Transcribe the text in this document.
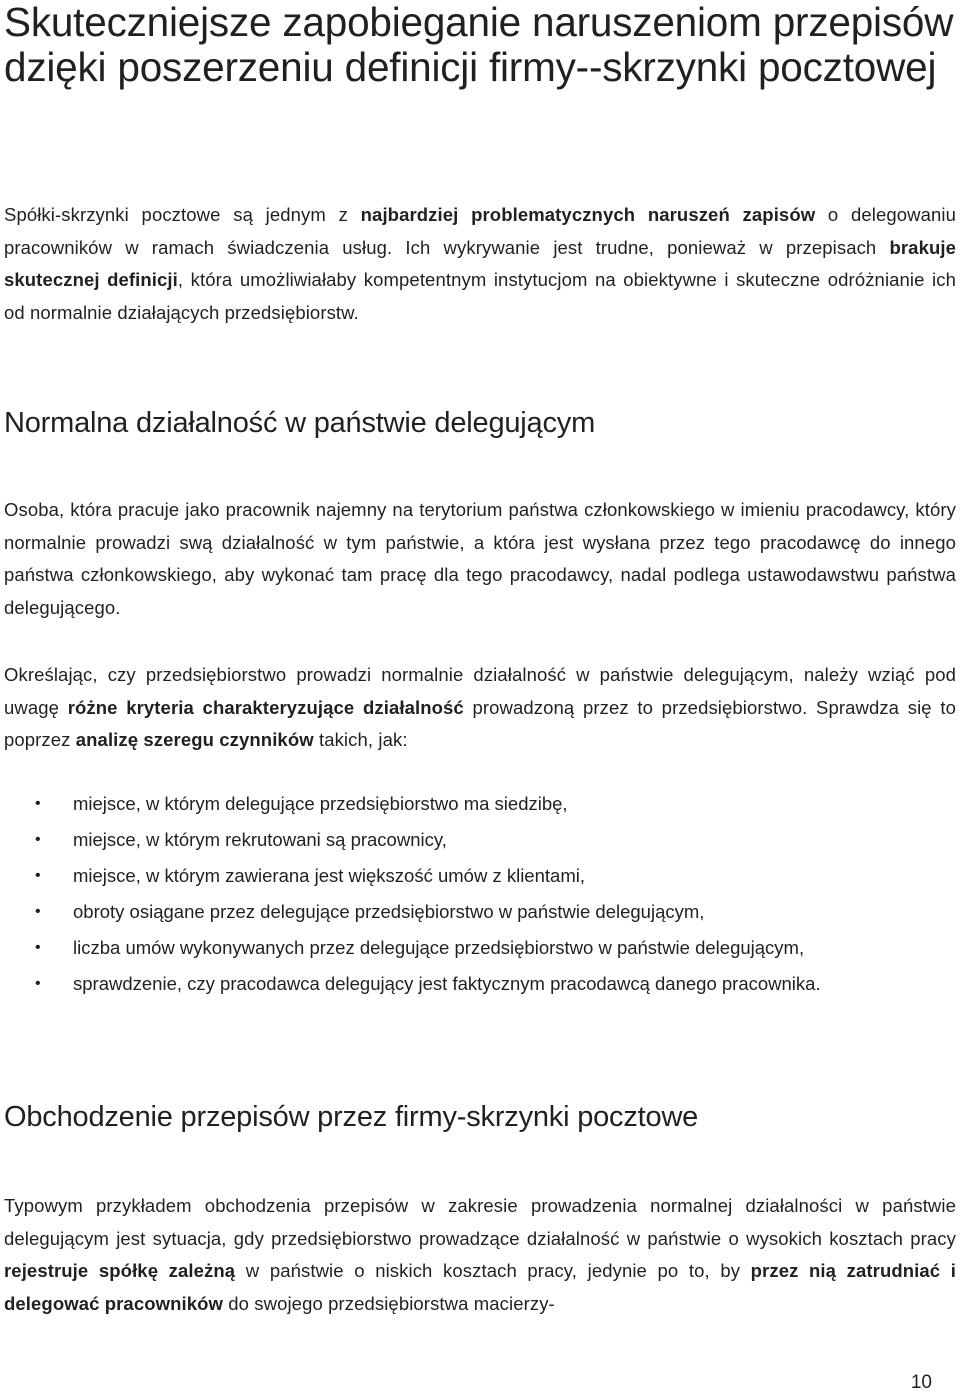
Skuteczniejsze zapobieganie naruszeniom przepisów dzięki poszerzeniu definicji firmy--skrzynki pocztowej

Spółki-skrzynki pocztowe są jednym z najbardziej problematycznych naruszeń zapisów o delegowaniu pracowników w ramach świadczenia usług. Ich wykrywanie jest trudne, ponieważ w przepisach brakuje skutecznej definicji, która umożliwiałaby kompetentnym instytucjom na obiektywne i skuteczne odróżnianie ich od normalnie działających przedsiębiorstw.

Normalna działalność w państwie delegującym

Osoba, która pracuje jako pracownik najemny na terytorium państwa członkowskiego w imieniu pracodawcy, który normalnie prowadzi swą działalność w tym państwie, a która jest wysłana przez tego pracodawcę do innego państwa członkowskiego, aby wykonać tam pracę dla tego pracodawcy, nadal podlega ustawodawstwu państwa delegującego.

Określając, czy przedsiębiorstwo prowadzi normalnie działalność w państwie delegującym, należy wziąć pod uwagę różne kryteria charakteryzujące działalność prowadzoną przez to przedsiębiorstwo. Sprawdza się to poprzez analizę szeregu czynników takich, jak:

• miejsce, w którym delegujące przedsiębiorstwo ma siedzibę,
• miejsce, w którym rekrutowani są pracownicy,
• miejsce, w którym zawierana jest większość umów z klientami,
• obroty osiągane przez delegujące przedsiębiorstwo w państwie delegującym,
• liczba umów wykonywanych przez delegujące przedsiębiorstwo w państwie delegującym,
•	sprawdzenie, czy pracodawca delegujący jest faktycznym pracodawcą danego pracownika.
Obchodzenie przepisów przez firmy-skrzynki pocztowe

Typowym przykładem obchodzenia przepisów w zakresie prowadzenia normalnej działalności w państwie delegującym jest sytuacja, gdy przedsiębiorstwo prowadzące działalność w państwie o wysokich kosztach pracy rejestruje spółkę zależną w państwie o niskich kosztach pracy, jedynie po to, by przez nią zatrudniać i delegować pracowników do swojego przedsiębiorstwa macierzy-

10
